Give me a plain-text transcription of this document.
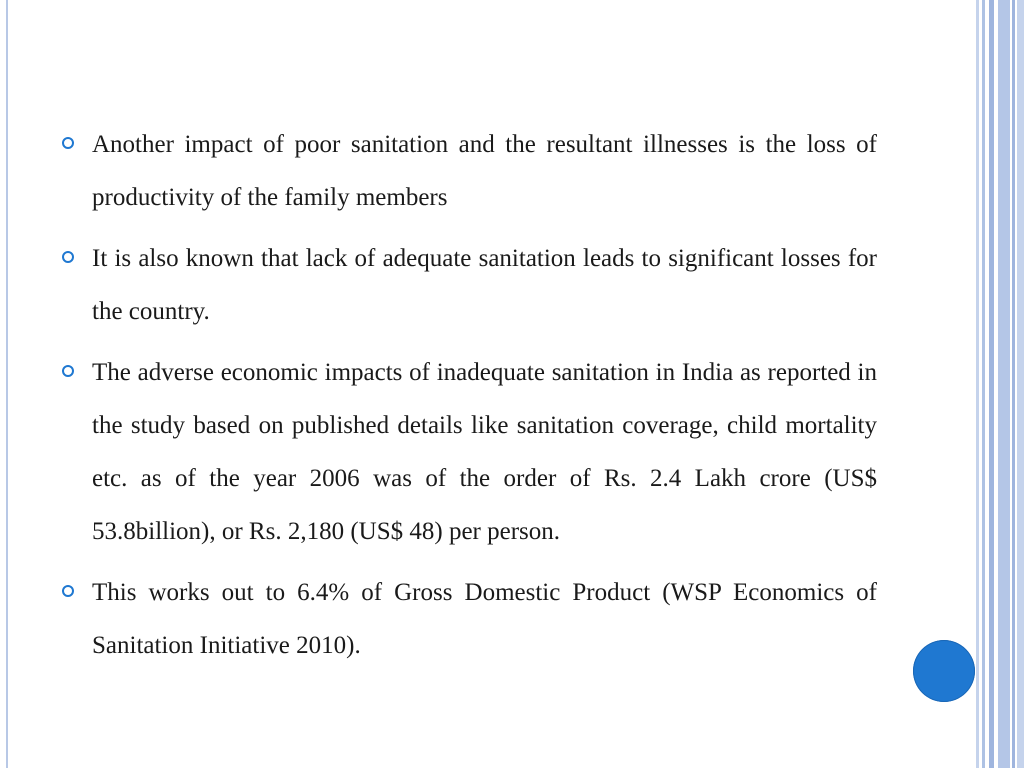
Another impact of poor sanitation and the resultant illnesses is the loss of productivity of the family members
It is also known that lack of adequate sanitation leads to significant losses for the country.
The adverse economic impacts of inadequate sanitation in India as reported in the study based on published details like sanitation coverage, child mortality etc. as of the year 2006 was of the order of Rs. 2.4 Lakh crore (US$ 53.8billion), or Rs. 2,180 (US$ 48) per person.
This works out to 6.4% of Gross Domestic Product (WSP Economics of Sanitation Initiative 2010).
